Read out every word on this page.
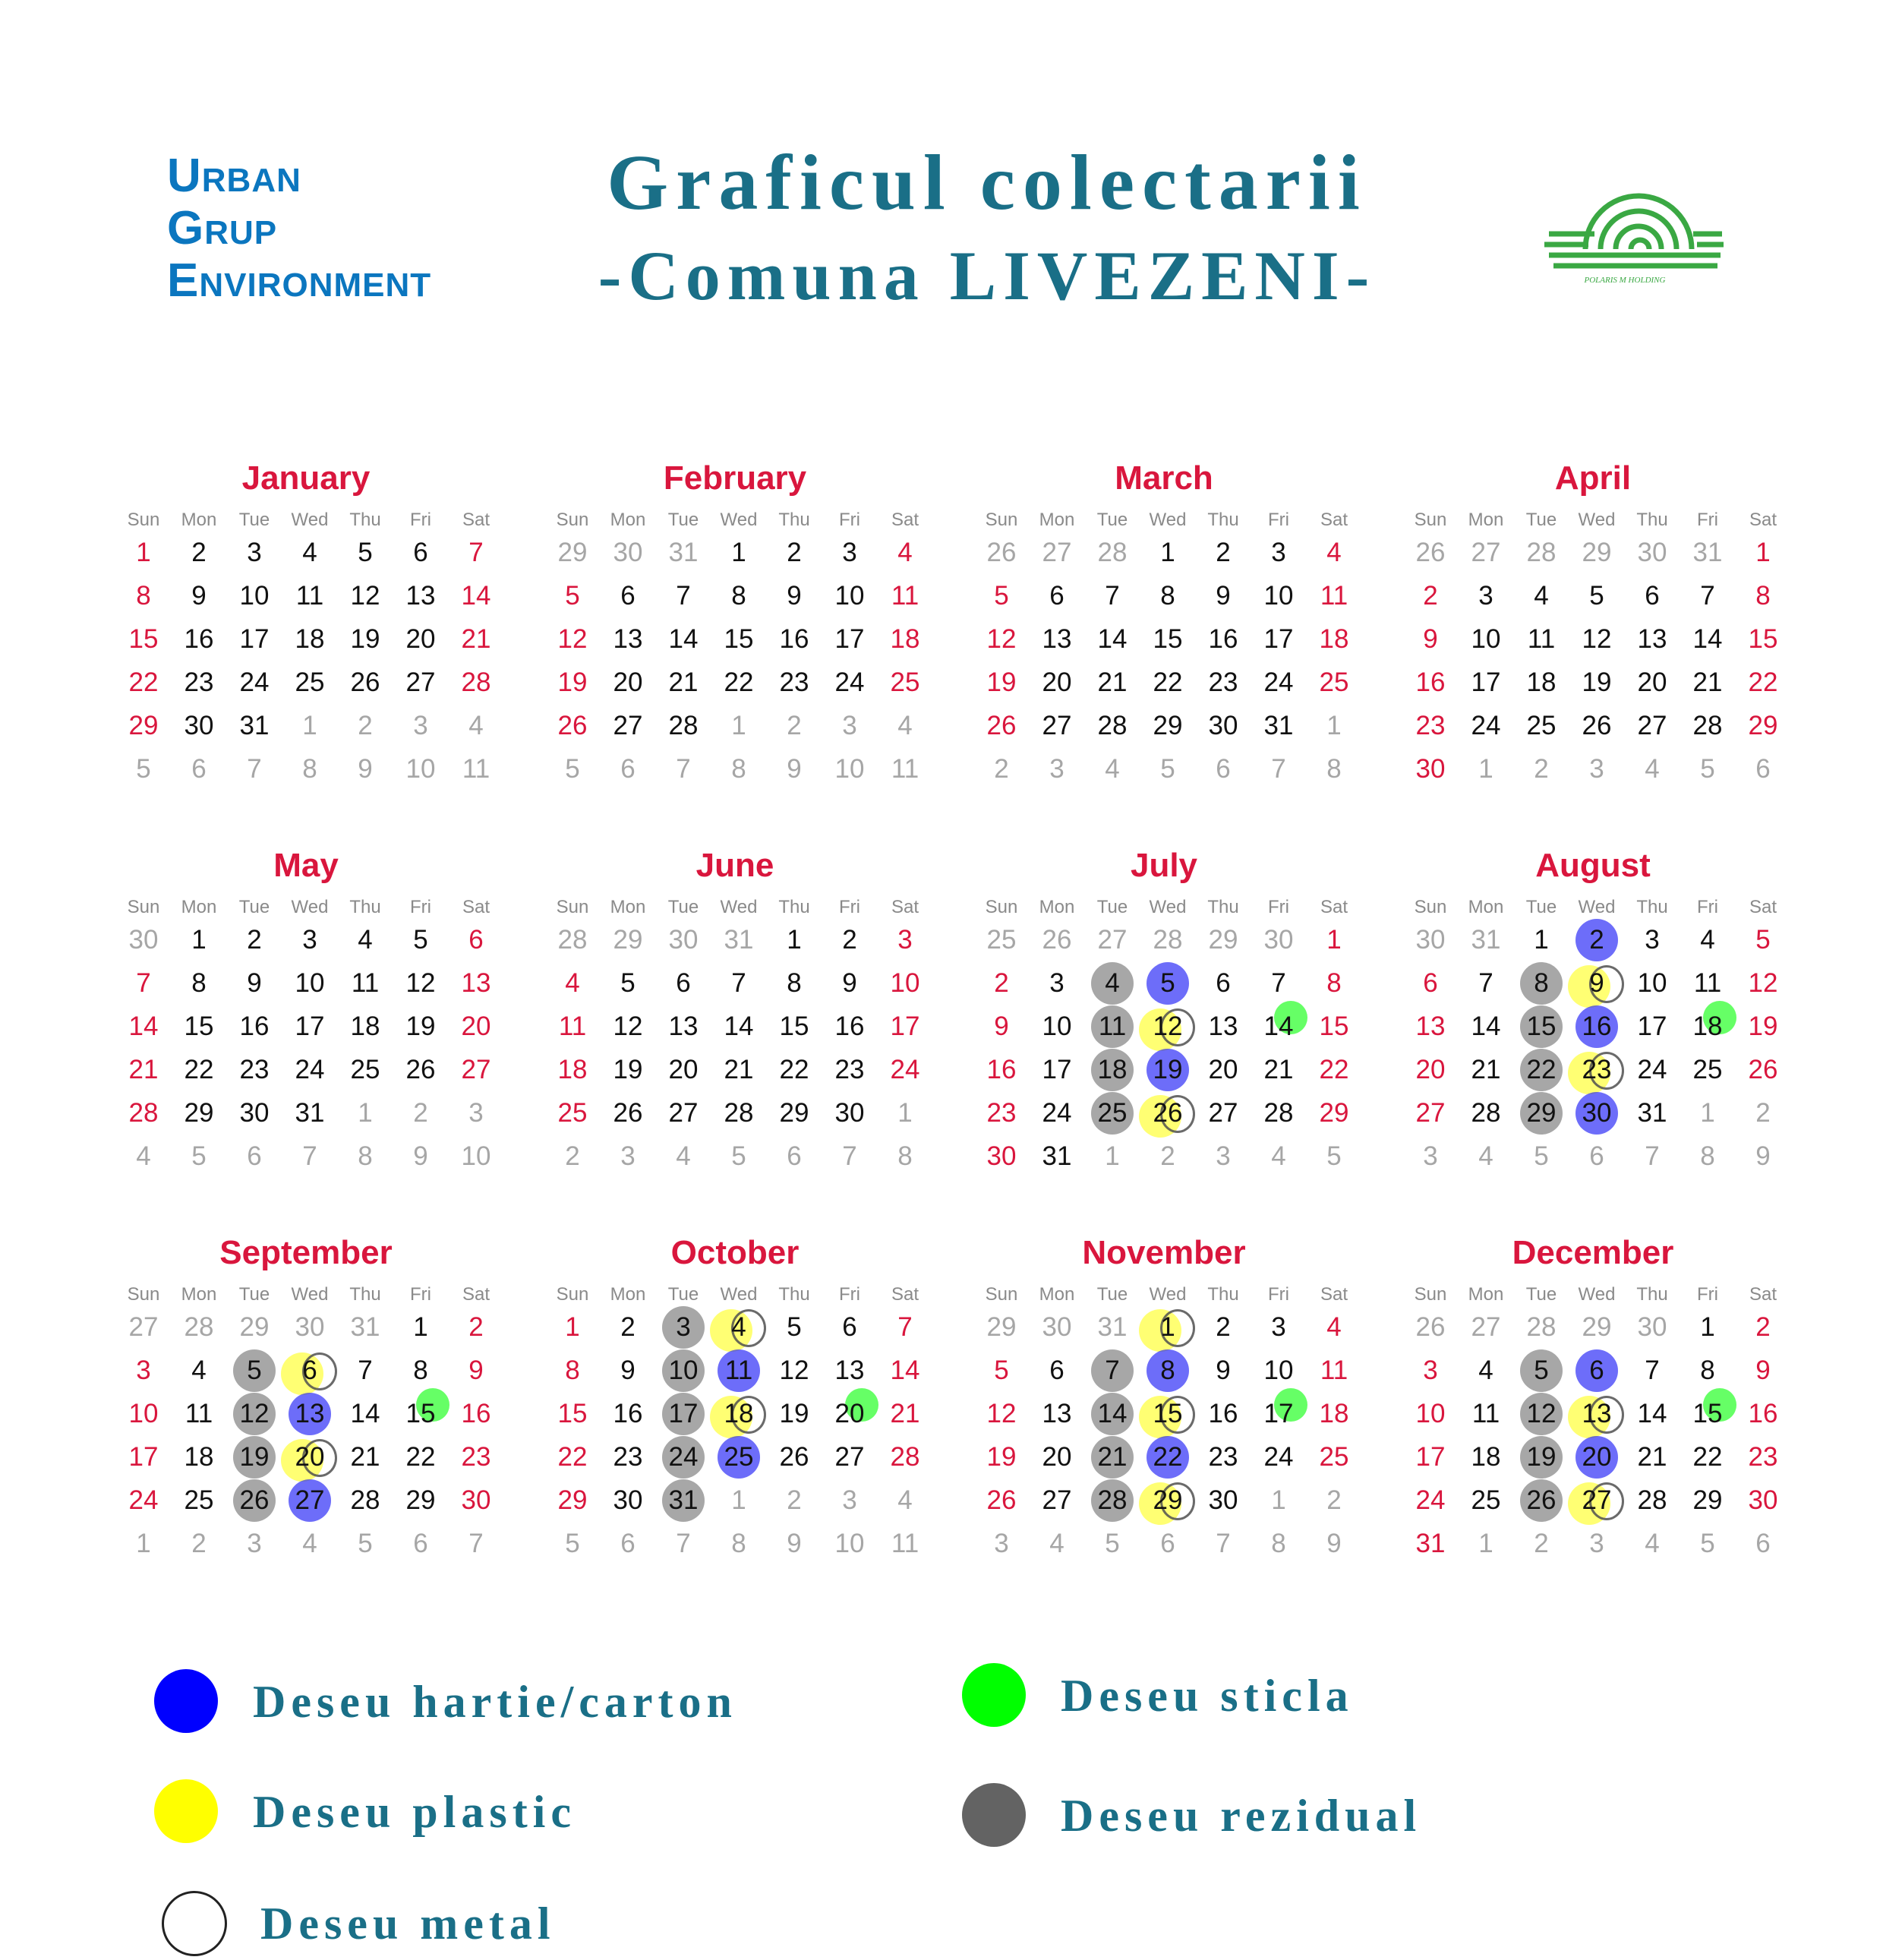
URBAN
GRUP
ENVIRONMENT
Graficul colectarii
-Comuna LIVEZENI-	POLARIS M HOLDING
January
Sun	Mon	Tue	Wed	Thu	Fri	Sat
1	2	3	4	5	6	7
8	9	10	11	12 13 14
15 16 17 18 19 20 21
22 23 24 25 26 27 28
29 30 31	1	2	3	4
5	6	7	8	9	10	11
February
Sun	Mon	Tue	Wed	Thu	Fri	Sat
29 30 31	1	2	3	4
5	6	7	8	9	10	11
12 13 14 15 16 17 18
19 20 21 22 23 24 25
26 27 28	1	2	3	4
5	6	7	8	9	10	11
March
Sun	Mon	Tue	Wed	Thu	Fri	Sat
26 27 28	1	2	3	4
5	6	7	8	9	10	11
12 13 14 15 16 17 18
19 20 21 22 23 24 25
26 27 28 29 30 31	1
2	3	4	5	6	7	8
April
Sun	Mon	Tue	Wed	Thu	Fri	Sat
26 27 28 29 30 31	1
2	3	4	5	6	7	8
9	10	11	12 13 14 15
16 17 18 19 20 21 22
23 24 25 26 27 28 29
30	1	2	3	4	5	6
May
Sun	Mon	Tue	Wed	Thu	Fri	Sat
30	1	2	3	4	5	6
7	8	9	10	11	12 13
14 15 16 17 18 19 20
21 22 23 24 25 26 27
28 29 30 31	1	2	3
4	5	6	7	8	9	10
June
Sun	Mon	Tue	Wed	Thu	Fri	Sat
28 29 30 31	1	2	3
4	5	6	7	8	9	10
11	12 13 14 15 16 17
18 19 20 21 22 23 24
25 26 27 28 29 30	1
2	3	4	5	6	7	8
July
Sun	Mon	Tue	Wed	Thu	Fri	Sat
25 26 27 28 29 30	1
2	3	4	5	6	7	8
9	10	11	12 13 14 15
16 17 18 19 20 21 22
23 24 25 26 27 28 29
30 31	1	2	3	4	5
August
Sun	Mon	Tue	Wed	Thu	Fri	Sat
30 31	1	2	3	4	5
6	7	8	9	10	11	12
13 14 15 16 17 18 19
20 21 22 23 24 25 26
27 28 29 30 31	1	2
3	4	5	6	7	8	9
September
Sun	Mon	Tue	Wed	Thu	Fri	Sat
27 28 29 30 31	1	2
3	4	5	6	7	8	9
10	11	12 13 14 15 16
17 18 19 20 21 22 23
24 25 26 27 28 29 30
1	2	3	4	5	6	7
October
Sun	Mon	Tue	Wed	Thu	Fri	Sat
1	2	3	4	5	6	7
8	9	10	11	12 13 14
15 16 17 18 19 20 21
22 23 24 25 26 27 28
29 30 31	1	2	3	4
5	6	7	8	9	10	11
November
Sun	Mon	Tue	Wed	Thu	Fri	Sat
29 30 31	1	2	3	4
5	6	7	8	9	10	11
12 13 14 15 16 17 18
19 20 21 22 23 24 25
26 27 28 29 30	1	2
3	4	5	6	7	8	9
December
Sun	Mon	Tue	Wed	Thu	Fri	Sat
26 27 28 29 30	1	2
3	4	5	6	7	8	9
10	11	12 13 14 15 16
17 18 19 20 21 22 23
24 25 26 27 28 29 30
31	1	2	3	4	5	6
Deseu hartie/carton	Deseu sticla
Deseu plastic	Deseu rezidual
Deseu metal
